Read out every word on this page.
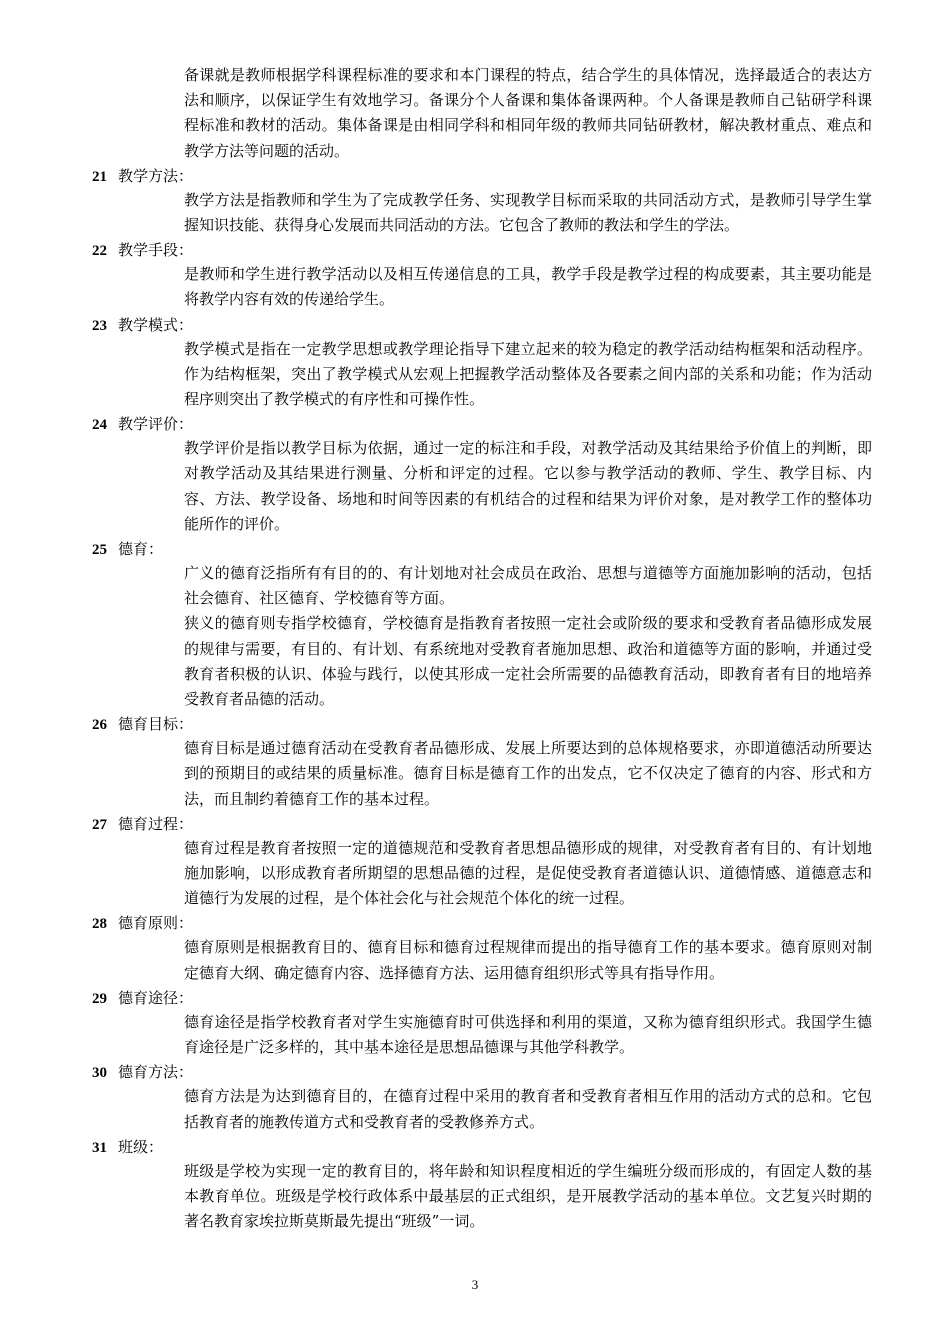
备课就是教师根据学科课程标准的要求和本门课程的特点，结合学生的具体情况，选择最适合的表达方法和顺序，以保证学生有效地学习。备课分个人备课和集体备课两种。个人备课是教师自己钻研学科课程标准和教材的活动。集体备课是由相同学科和相同年级的教师共同钻研教材，解决教材重点、难点和教学方法等问题的活动。
21 教学方法：
教学方法是指教师和学生为了完成教学任务、实现教学目标而采取的共同活动方式，是教师引导学生掌握知识技能、获得身心发展而共同活动的方法。它包含了教师的教法和学生的学法。
22 教学手段：
是教师和学生进行教学活动以及相互传递信息的工具，教学手段是教学过程的构成要素，其主要功能是将教学内容有效的传递给学生。
23 教学模式：
教学模式是指在一定教学思想或教学理论指导下建立起来的较为稳定的教学活动结构框架和活动程序。作为结构框架，突出了教学模式从宏观上把握教学活动整体及各要素之间内部的关系和功能；作为活动程序则突出了教学模式的有序性和可操作性。
24 教学评价：
教学评价是指以教学目标为依据，通过一定的标注和手段，对教学活动及其结果给予价值上的判断，即对教学活动及其结果进行测量、分析和评定的过程。它以参与教学活动的教师、学生、教学目标、内容、方法、教学设备、场地和时间等因素的有机结合的过程和结果为评价对象，是对教学工作的整体功能所作的评价。
25 德育：
广义的德育泛指所有有目的的、有计划地对社会成员在政治、思想与道德等方面施加影响的活动，包括社会德育、社区德育、学校德育等方面。
狭义的德育则专指学校德育，学校德育是指教育者按照一定社会或阶级的要求和受教育者品德形成发展的规律与需要，有目的、有计划、有系统地对受教育者施加思想、政治和道德等方面的影响，并通过受教育者积极的认识、体验与践行，以使其形成一定社会所需要的品德教育活动，即教育者有目的地培养受教育者品德的活动。
26 德育目标：
德育目标是通过德育活动在受教育者品德形成、发展上所要达到的总体规格要求，亦即道德活动所要达到的预期目的或结果的质量标准。德育目标是德育工作的出发点，它不仅决定了德育的内容、形式和方法，而且制约着德育工作的基本过程。
27 德育过程：
德育过程是教育者按照一定的道德规范和受教育者思想品德形成的规律，对受教育者有目的、有计划地施加影响，以形成教育者所期望的思想品德的过程，是促使受教育者道德认识、道德情感、道德意志和道德行为发展的过程，是个体社会化与社会规范个体化的统一过程。
28 德育原则：
德育原则是根据教育目的、德育目标和德育过程规律而提出的指导德育工作的基本要求。德育原则对制定德育大纲、确定德育内容、选择德育方法、运用德育组织形式等具有指导作用。
29 德育途径：
德育途径是指学校教育者对学生实施德育时可供选择和利用的渠道，又称为德育组织形式。我国学生德育途径是广泛多样的，其中基本途径是思想品德课与其他学科教学。
30 德育方法：
德育方法是为达到德育目的，在德育过程中采用的教育者和受教育者相互作用的活动方式的总和。它包括教育者的施教传道方式和受教育者的受教修养方式。
31 班级：
班级是学校为实现一定的教育目的，将年龄和知识程度相近的学生编班分级而形成的，有固定人数的基本教育单位。班级是学校行政体系中最基层的正式组织，是开展教学活动的基本单位。文艺复兴时期的著名教育家埃拉斯莫斯最先提出“班级”一词。
3
